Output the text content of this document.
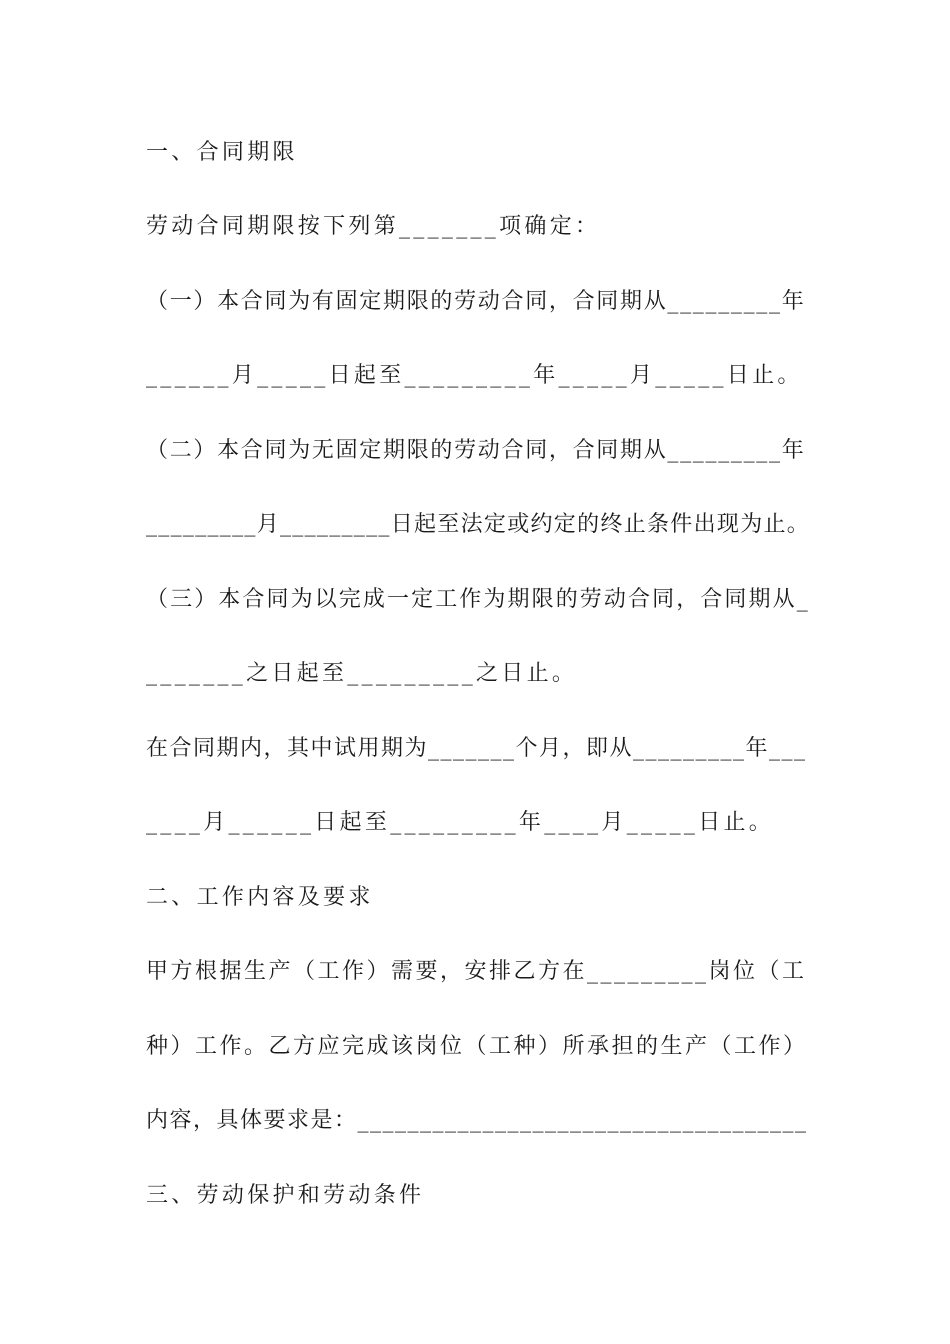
一、合同期限
劳动合同期限按下列第_______项确定：
（一）本合同为有固定期限的劳动合同，合同期从_________年
______月_____日起至_________年_____月_____日止。
（二）本合同为无固定期限的劳动合同，合同期从_________年
_________月_________日起至法定或约定的终止条件出现为止。
（三）本合同为以完成一定工作为期限的劳动合同，合同期从_
_______之日起至_________之日止。
在合同期内，其中试用期为_______个月，即从_________年___
____月______日起至_________年____月_____日止。
二、工作内容及要求
甲方根据生产（工作）需要，安排乙方在_________岗位（工
种）工作。乙方应完成该岗位（工种）所承担的生产（工作）
内容，具体要求是：____________________________________
三、劳动保护和劳动条件
